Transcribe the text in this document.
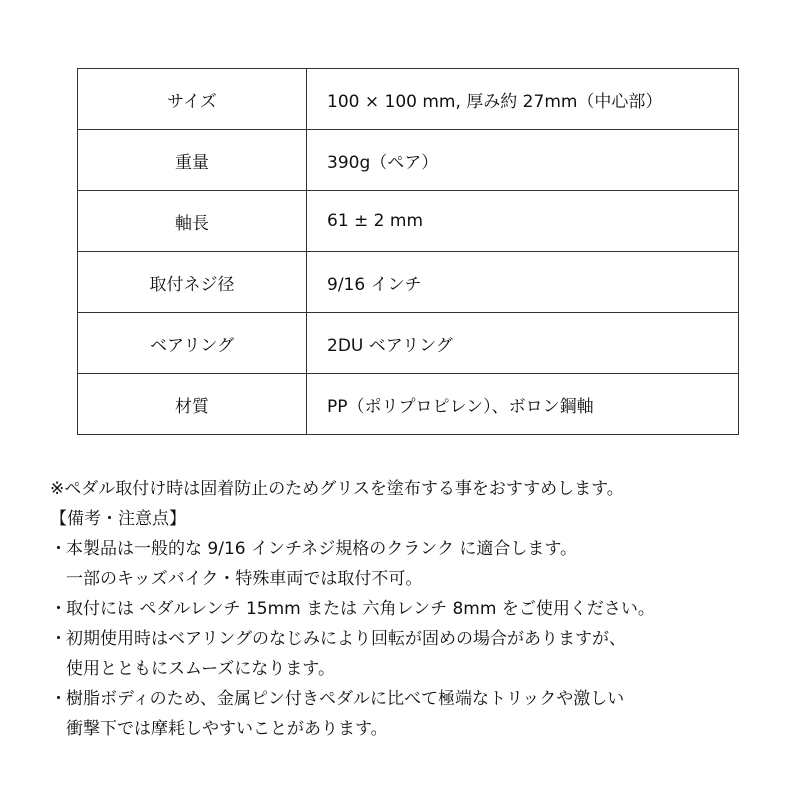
サイズ	100 × 100 mm, 厚み約 27mm（中心部）
重量	390g（ペア）
軸長	61 ± 2 mm
取付ネジ径	9/16 インチ
ベアリング	2DU ベアリング
材質	PP（ポリプロピレン）、ボロン鋼軸
※ペダル取付け時は固着防止のためグリスを塗布する事をおすすめします。
【備考・注意点】
・ 本製品は一般的な 9/16 インチネジ規格のクランク に適合します。
一部のキッズバイク・特殊車両では取付不可。
・ 取付には ペダルレンチ 15mm または 六角レンチ 8mm をご使用ください。
・ 初期使用時はベアリングのなじみにより回転が固めの場合がありますが、
使用とともにスムーズになります。
・ 樹脂ボディのため、金属ピン付きペダルに比べて極端なトリックや激しい
衝撃下では摩耗しやすいことがあります。
